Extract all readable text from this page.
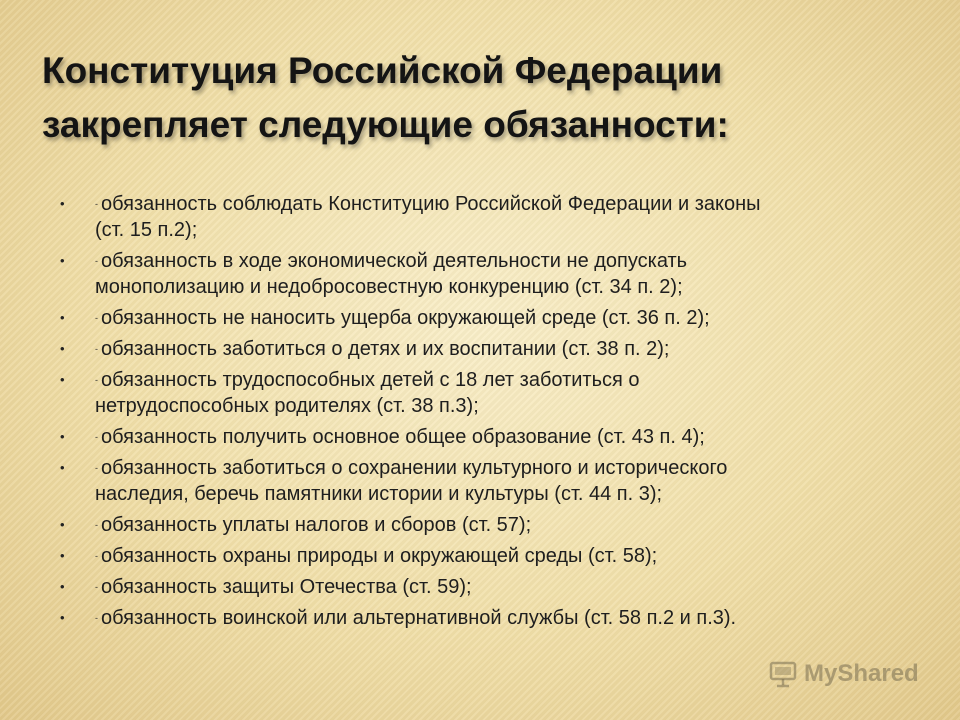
Конституция Российской Федерации
закрепляет следующие обязанности:
•	- обязанность соблюдать Конституцию Российской Федерации и законы
(ст. 15 п.2);
•	- обязанность в ходе экономической деятельности не допускать
монополизацию и недобросовестную конкуренцию (ст. 34 п. 2);
•	- обязанность не наносить ущерба окружающей среде (ст. 36 п. 2);
•	- обязанность заботиться о детях и их воспитании (ст. 38 п. 2);
•	- обязанность трудоспособных детей с 18 лет заботиться о
нетрудоспособных родителях (ст. 38 п.3);
•	- обязанность получить основное общее образование (ст. 43 п. 4);
•	- обязанность заботиться о сохранении культурного и исторического
наследия, беречь памятники истории и культуры (ст. 44 п. 3);
•	- обязанность уплаты налогов и сборов (ст. 57);
•	- обязанность охраны природы и окружающей среды (ст. 58);
•	- обязанность защиты Отечества (ст. 59);
•	- обязанность воинской или альтернативной службы (ст. 58 п.2 и п.3).
MyShared
